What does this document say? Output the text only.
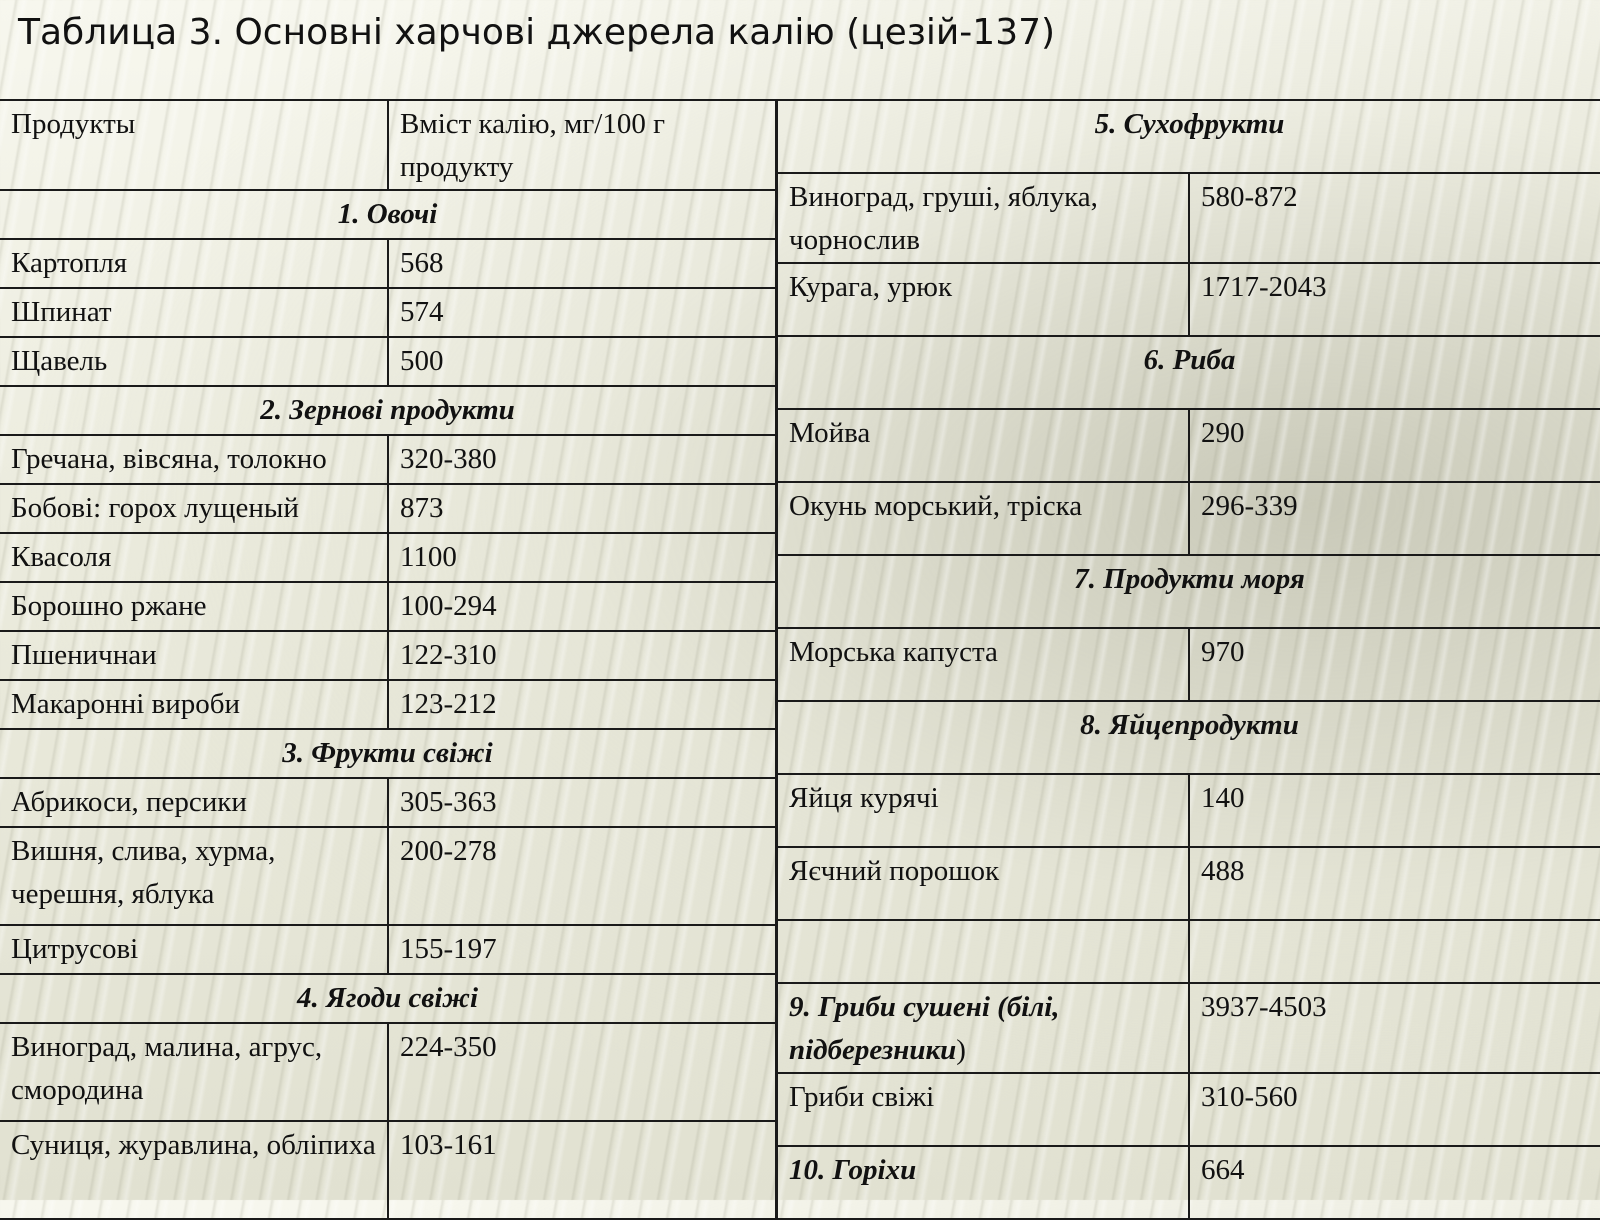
Таблица 3. Основні харчові джерела калію (цезій-137)
Продукты	Вміст калію, мг/100 г продукту
1. Овочі	
Картопля	568
Шпинат	574
Щавель	500
2. Зернові продукти	
Гречана, вівсяна, толокно	320-380
Бобові: горох лущеный	873
Квасоля	1100
Борошно ржане	100-294
Пшеничнаи	122-310
Макаронні вироби	123-212
3. Фрукти свіжі	
Абрикоси, персики	305-363
Вишня, слива, хурма, черешня, яблука	200-278
Цитрусові	155-197
4. Ягоди свіжі	
Виноград, малина, агрус, смородина	224-350
Суниця, журавлина, обліпиха	103-161
5. Сухофрукти	
Виноград, груші, яблука, чорнослив	580-872
Курага, урюк	1717-2043
6. Риба	
Мойва	290
Окунь морський, тріска	296-339
7. Продукти моря	
Морська капуста	970
8. Яйцепродукти	
Яйця курячі	140
Яєчний порошок	488

9. Гриби сушені (білі, підберезники)	3937-4503
Гриби свіжі	310-560
10. Горіхи	664
